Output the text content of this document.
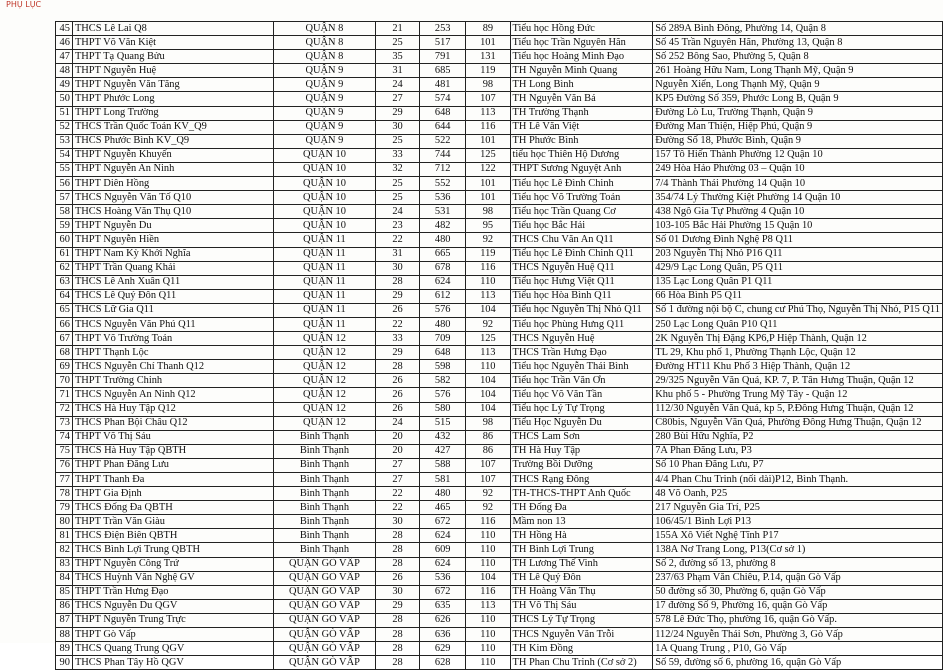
PHỤ LỤC
45	THCS Lê Lai Q8	QUẬN 8	21	253	89	Tiểu học Hồng Đức	Số 289A Bình Đông, Phường 14, Quận 8
46	THPT Võ Văn Kiệt	QUẬN 8	25	517	101	Tiểu học Trần Nguyên Hãn	Số 45 Trần Nguyên Hãn, Phường 13, Quận 8
47	THPT Tạ Quang Bửu	QUẬN 8	35	791	131	Tiểu học Hoàng Minh Đạo	Số 252 Bông Sao, Phường 5, Quận 8
48	THPT Nguyễn Huệ	QUẬN 9	31	685	119	TH Nguyễn Minh Quang	261 Hoàng Hữu Nam, Long Thạnh Mỹ, Quận 9
49	THPT Nguyễn Văn Tăng	QUẬN 9	24	481	98	TH Long Bình	Nguyễn Xiển, Long Thạnh Mỹ, Quận 9
50	THPT Phước Long	QUẬN 9	27	574	107	TH Nguyễn Văn Bá	KP5 Đường Số 359, Phước Long B, Quận 9
51	THPT Long Trường	QUẬN 9	29	648	113	TH Trường Thạnh	Đường Lò Lu, Trường Thạnh, Quận 9
52	THCS Trần Quốc Toản KV_Q9	QUẬN 9	30	644	116	TH Lê Văn Việt	Đường Man Thiện, Hiệp Phú, Quận 9
53	THCS Phước Bình KV_Q9	QUẬN 9	25	522	101	TH Phước Bình	Đường Số 18, Phước Bình, Quận 9
54	THPT Nguyễn Khuyến	QUẬN 10	33	744	125	tiểu học Thiên Hộ Dương	157 Tô Hiến Thành Phường 12 Quận 10
55	THPT Nguyễn An Ninh	QUẬN 10	32	712	122	THPT Sương Nguyệt Anh	249 Hòa Hảo Phường 03 – Quận 10
56	THPT Diên Hồng	QUẬN 10	25	552	101	Tiểu học Lê Đình Chinh	7/4 Thành Thái Phường 14 Quận 10
57	THCS Nguyễn Văn Tố Q10	QUẬN 10	25	536	101	Tiểu học Võ Trường Toản	354/74 Lý Thường Kiệt Phường 14 Quận 10
58	THCS Hoàng Văn Thụ Q10	QUẬN 10	24	531	98	Tiểu học Trần Quang Cơ	438 Ngô Gia Tự Phường 4 Quận 10
59	THPT Nguyễn Du	QUẬN 10	23	482	95	Tiểu học Bắc Hải	103-105 Bắc Hải Phường 15 Quận 10
60	THPT Nguyễn Hiền	QUẬN 11	22	480	92	THCS Chu Văn An Q11	Số 01 Dương Đình Nghệ P8 Q11
61	THPT Nam Kỳ Khởi Nghĩa	QUẬN 11	31	665	119	Tiểu học Lê Đình Chinh Q11	203 Nguyễn Thị Nhỏ P16 Q11
62	THPT Trần Quang Khải	QUẬN 11	30	678	116	THCS Nguyễn Huệ Q11	429/9 Lạc Long Quân, P5 Q11
63	THCS Lê Anh Xuân Q11	QUẬN 11	28	624	110	Tiểu học Hưng Việt Q11	135 Lạc Long Quân P1 Q11
64	THCS Lê Quý Đôn Q11	QUẬN 11	29	612	113	Tiểu học Hòa Bình Q11	66 Hòa Bình P5 Q11
65	THCS Lữ Gia Q11	QUẬN 11	26	576	104	Tiểu học Nguyễn Thị Nhỏ Q11	Số 1 đường nội bộ C, chung cư Phú Thọ, Nguyễn Thị Nhỏ, P15 Q11
66	THCS Nguyễn Văn Phú Q11	QUẬN 11	22	480	92	Tiểu học Phùng Hưng Q11	250 Lạc Long Quân P10 Q11
67	THPT Võ Trường Toản	QUẬN 12	33	709	125	THCS Nguyễn Huệ	2K Nguyễn Thị Đặng KP6,P Hiệp Thành, Quận 12
68	THPT Thạnh Lộc	QUẬN 12	29	648	113	THCS Trần Hưng Đạo	TL 29, Khu phố 1, Phường Thạnh Lộc, Quận 12
69	THCS Nguyễn Chí Thanh Q12	QUẬN 12	28	598	110	Tiểu học Nguyễn Thái Bình	Đường HT11 Khu Phố 3 Hiệp Thành, Quận 12
70	THPT Trường Chinh	QUẬN 12	26	582	104	Tiểu học Trần Văn Ơn	29/325 Nguyễn Văn Quá, KP. 7, P. Tân Hưng Thuận, Quận 12
71	THCS Nguyễn An Ninh Q12	QUẬN 12	26	576	104	Tiểu học Võ Văn Tần	Khu phố 5 - Phường Trung Mỹ Tây - Quận 12
72	THCS Hà Huy Tập Q12	QUẬN 12	26	580	104	Tiểu học Lý Tự Trọng	112/30 Nguyễn Văn Quá, kp 5, P.Đông Hưng Thuận, Quận 12
73	THCS Phan Bội Châu Q12	QUẬN 12	24	515	98	Tiểu Học Nguyễn Du	C80bis, Nguyễn Văn Quá, Phường Đông Hưng Thuận, Quận 12
74	THPT Võ Thị Sáu	Bình Thạnh	20	432	86	THCS Lam Sơn	280 Bùi Hữu Nghĩa, P2
75	THCS Hà Huy Tập QBTH	Bình Thạnh	20	427	86	TH Hà Huy Tập	7A Phan Đăng Lưu, P3
76	THPT Phan Đăng Lưu	Bình Thạnh	27	588	107	Trường Bồi Dưỡng	Số 10 Phan Đăng Lưu, P7
77	THPT Thanh Đa	Bình Thạnh	27	581	107	THCS Rạng Đông	4/4 Phan Chu Trinh (nối dài)P12, Bình Thạnh.
78	THPT Gia Định	Bình Thạnh	22	480	92	TH-THCS-THPT Anh Quốc	48 Võ Oanh, P25
79	THCS Đống Đa QBTH	Bình Thạnh	22	465	92	TH Đống Đa	217 Nguyễn Gia Trí, P25
80	THPT Trần Văn Giàu	Bình Thạnh	30	672	116	Mầm non 13	106/45/1 Bình Lợi P13
81	THCS Điện Biên QBTH	Bình Thạnh	28	624	110	TH Hồng Hà	155A Xô Viết Nghệ Tĩnh P17
82	THCS Bình Lợi Trung QBTH	Bình Thạnh	28	609	110	TH Bình Lợi Trung	138A Nơ Trang Long, P13(Cơ sở 1)
83	THPT Nguyễn Công Trứ	QUẬN GÒ VẤP	28	624	110	TH Lương Thế Vinh	Số 2, đường số 13, phường 8
84	THCS Huỳnh Văn Nghệ GV	QUẬN GÒ VẤP	26	536	104	TH Lê Quý Đôn	237/63 Phạm Văn Chiêu, P.14, quận Gò Vấp
85	THPT Trần Hưng Đạo	QUẬN GÒ VẤP	30	672	116	TH Hoàng Văn Thụ	50 đường số 30, Phường 6, quận Gò Vấp
86	THCS Nguyễn Du QGV	QUẬN GÒ VẤP	29	635	113	TH Võ Thị Sáu	17 đường Số 9, Phường 16, quận Gò Vấp
87	THPT Nguyễn Trung Trực	QUẬN GÒ VẤP	28	626	110	THCS Lý Tự Trọng	578 Lê Đức Thọ, phường 16, quận Gò Vấp.
88	THPT Gò Vấp	QUẬN GÒ VẤP	28	636	110	THCS Nguyễn Văn Trỗi	112/24 Nguyễn Thái Sơn, Phường 3, Gò Vấp
89	THCS Quang Trung QGV	QUẬN GÒ VẤP	28	629	110	TH Kim Đồng	1A Quang Trung , P10, Gò Vấp
90	THCS Phan Tây Hồ QGV	QUẬN GÒ VẤP	28	628	110	TH Phan Chu Trinh (Cơ sở 2)	Số 59, đường số 6, phường 16, quận Gò Vấp
